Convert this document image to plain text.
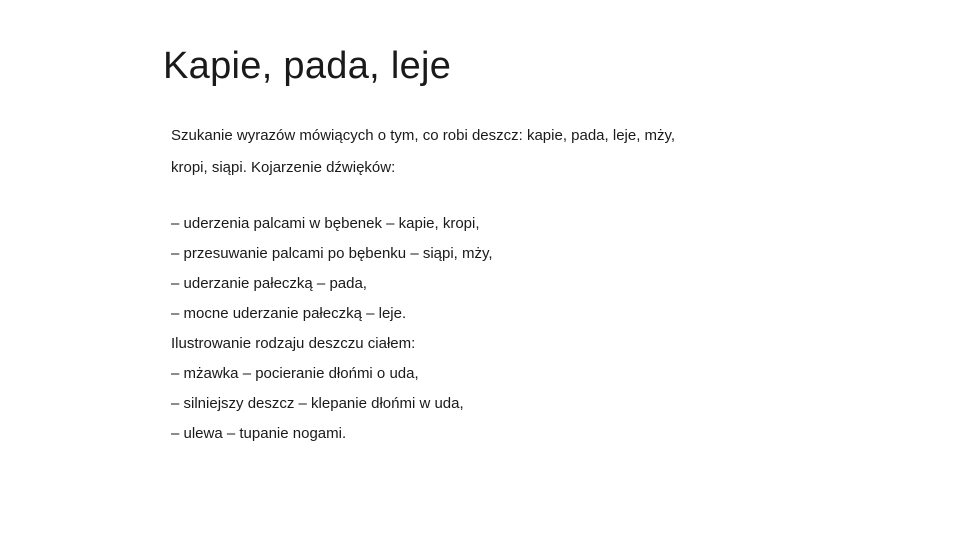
Kapie, pada, leje
Szukanie wyrazów mówiących o tym, co robi deszcz: kapie, pada, leje, mży,
kropi, siąpi. Kojarzenie dźwięków:
– uderzenia palcami w bębenek – kapie, kropi,
– przesuwanie palcami po bębenku – siąpi, mży,
– uderzanie pałeczką – pada,
– mocne uderzanie pałeczką – leje.
Ilustrowanie rodzaju deszczu ciałem:
– mżawka – pocieranie dłońmi o uda,
– silniejszy deszcz – klepanie dłońmi w uda,
– ulewa – tupanie nogami.
